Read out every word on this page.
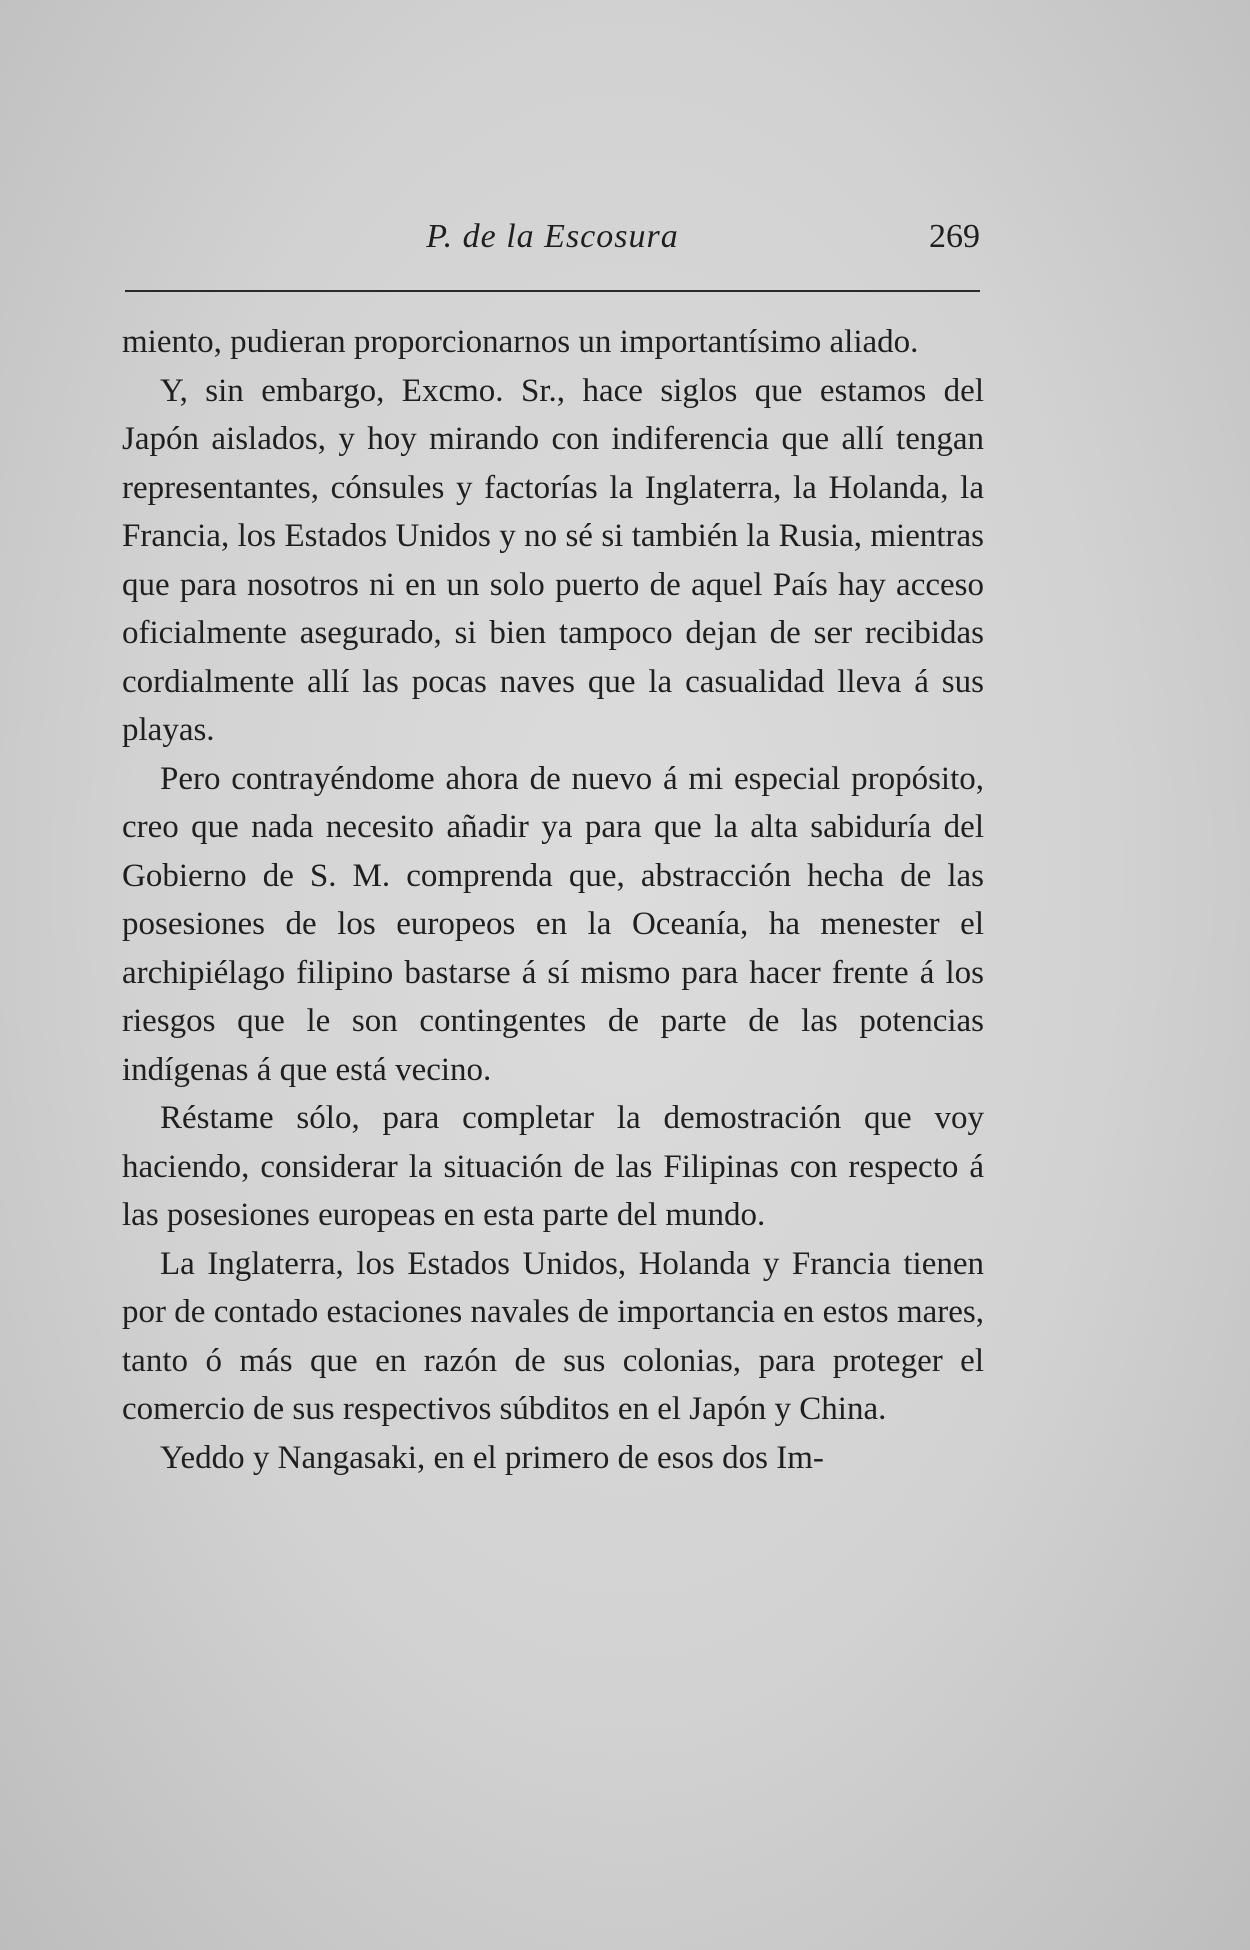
P. de la Escosura	269

miento, pudieran proporcionarnos un importantísimo aliado.

Y, sin embargo, Excmo. Sr., hace siglos que estamos del Japón aislados, y hoy mirando con indiferencia que allí tengan representantes, cónsules y factorías la Inglaterra, la Holanda, la Francia, los Estados Unidos y no sé si también la Rusia, mientras que para nosotros ni en un solo puerto de aquel País hay acceso oficialmente asegurado, si bien tampoco dejan de ser recibidas cordialmente allí las pocas naves que la casualidad lleva á sus playas.

Pero contrayéndome ahora de nuevo á mi especial propósito, creo que nada necesito añadir ya para que la alta sabiduría del Gobierno de S. M. comprenda que, abstracción hecha de las posesiones de los europeos en la Oceanía, ha menester el archipiélago filipino bastarse á sí mismo para hacer frente á los riesgos que le son contingentes de parte de las potencias indígenas á que está vecino.

Réstame sólo, para completar la demostración que voy haciendo, considerar la situación de las Filipinas con respecto á las posesiones europeas en esta parte del mundo.

La Inglaterra, los Estados Unidos, Holanda y Francia tienen por de contado estaciones navales de importancia en estos mares, tanto ó más que en razón de sus colonias, para proteger el comercio de sus respectivos súbditos en el Japón y China.

Yeddo y Nangasaki, en el primero de esos dos Im-
